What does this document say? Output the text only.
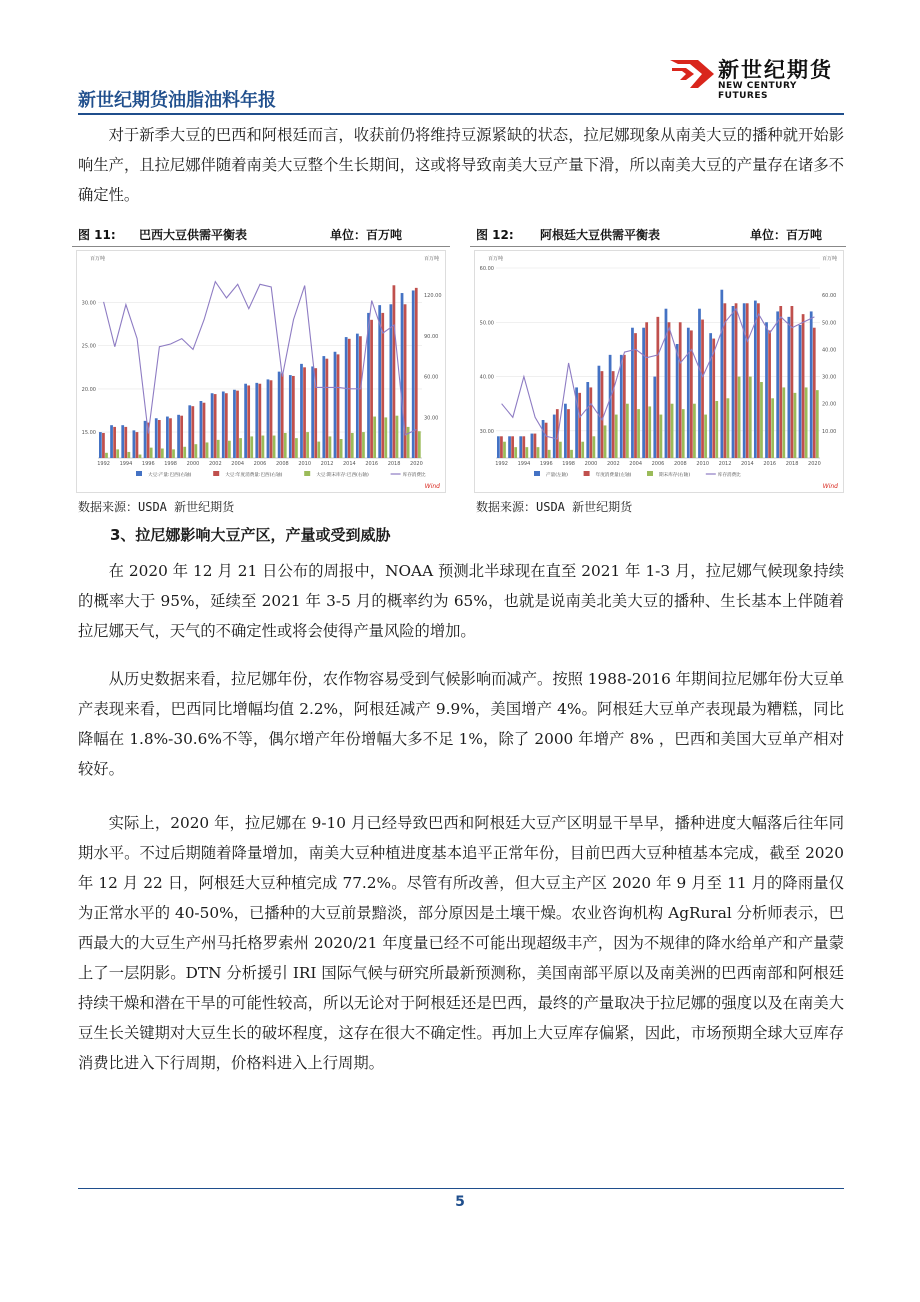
新世纪期货
NEW CENTURY FUTURES
新世纪期货油脂油料年报

对于新季大豆的巴西和阿根廷而言，收获前仍将维持豆源紧缺的状态，拉尼娜现象从南美大豆的播种就开始影响生产，且拉尼娜伴随着南美大豆整个生长期间，这或将导致南美大豆产量下滑，所以南美大豆的产量存在诸多不确定性。

图 11: 巴西大豆供需平衡表	单位：百万吨	图 12: 阿根廷大豆供需平衡表	单位：百万吨
百万吨	百万吨
15.00
20.00
25.00
30.00
30.00
60.00
90.00
120.00
1992 1994 1996 1998 2000 2002 2004 2006 2008 2010 2012 2014 2016 2018 2020
大豆:产量:巴西(右轴)	大豆:年度消费量:巴西(右轴)	大豆:期末库存:巴西(右轴)	库存消费比
Wind
百万吨	百万吨
30.00
40.00
50.00
60.00
10.00
20.00
30.00
40.00
50.00
60.00
1992 1994 1996 1998 2000 2002 2004 2006 2008 2010 2012 2014 2016 2018 2020
产量(左轴)	年度消费量(左轴)	期末库存(右轴)	库存消费比
Wind
数据来源：USDA 新世纪期货	数据来源：USDA 新世纪期货
3、拉尼娜影响大豆产区，产量或受到威胁

在 2020 年 12 月 21 日公布的周报中，NOAA 预测北半球现在直至 2021 年 1-3 月，拉尼娜气候现象持续的概率大于 95%，延续至 2021 年 3-5 月的概率约为 65%，也就是说南美北美大豆的播种、生长基本上伴随着拉尼娜天气，天气的不确定性或将会使得产量风险的增加。

从历史数据来看，拉尼娜年份，农作物容易受到气候影响而减产。按照 1988-2016 年期间拉尼娜年份大豆单产表现来看，巴西同比增幅均值 2.2%，阿根廷减产 9.9%，美国增产 4%。阿根廷大豆单产表现最为糟糕，同比降幅在 1.8%-30.6%不等，偶尔增产年份增幅大多不足 1%，除了 2000 年增产 8% ，巴西和美国大豆单产相对较好。

实际上，2020 年，拉尼娜在 9-10 月已经导致巴西和阿根廷大豆产区明显干旱早，播种进度大幅落后往年同期水平。不过后期随着降量增加，南美大豆种植进度基本追平正常年份，目前巴西大豆种植基本完成，截至 2020 年 12 月 22 日，阿根廷大豆种植完成 77.2%。尽管有所改善，但大豆主产区 2020 年 9 月至 11 月的降雨量仅为正常水平的 40-50%，已播种的大豆前景黯淡，部分原因是土壤干燥。农业咨询机构 AgRural 分析师表示，巴西最大的大豆生产州马托格罗索州 2020/21 年度量已经不可能出现超级丰产，因为不规律的降水给单产和产量蒙上了一层阴影。DTN 分析援引 IRI 国际气候与研究所最新预测称，美国南部平原以及南美洲的巴西南部和阿根廷持续干燥和潜在干旱的可能性较高，所以无论对于阿根廷还是巴西，最终的产量取决于拉尼娜的强度以及在南美大豆生长关键期对大豆生长的破坏程度，这存在很大不确定性。再加上大豆库存偏紧，因此，市场预期全球大豆库存消费比进入下行周期，价格料进入上行周期。

5
